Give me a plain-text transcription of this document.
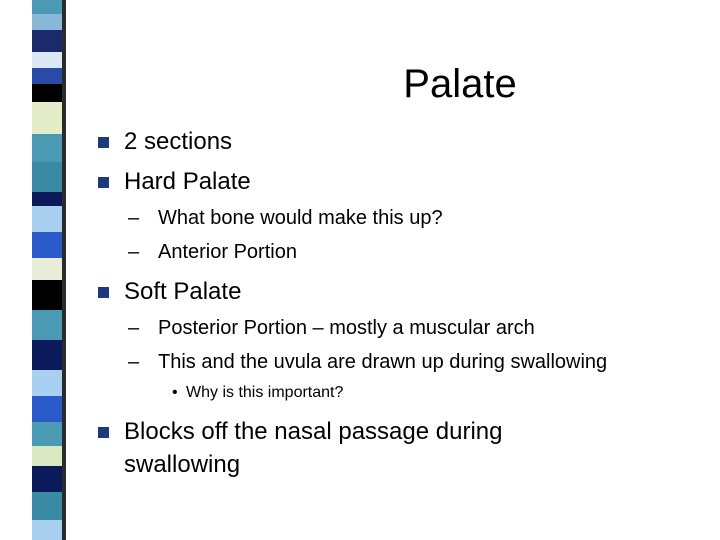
Palate
2 sections
Hard Palate
– What bone would make this up?
– Anterior Portion
Soft Palate
– Posterior Portion – mostly a muscular arch
– This and the uvula are drawn up during swallowing
• Why is this important?
Blocks off the nasal passage during
swallowing
